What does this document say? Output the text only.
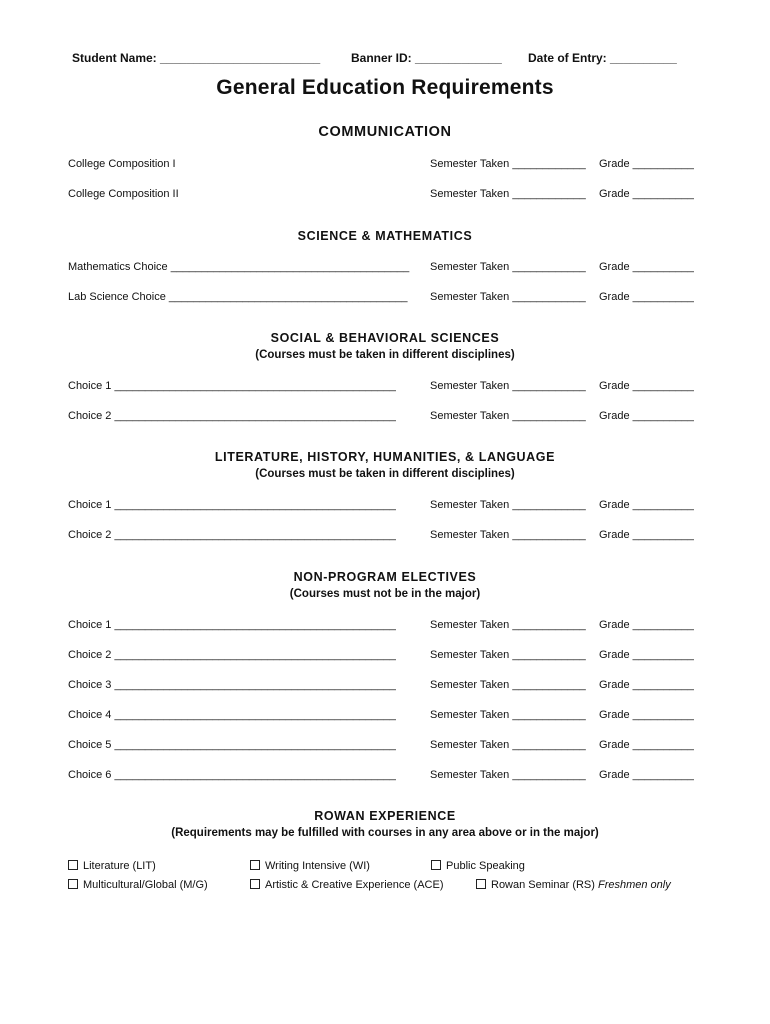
Student Name: ________________________	Banner ID: _____________ Date of Entry: __________
General Education Requirements
COMMUNICATION
College Composition I	Semester Taken ____________ Grade __________
College Composition II	Semester Taken ____________ Grade __________
SCIENCE & MATHEMATICS
Mathematics Choice _______________________________________ Semester Taken ____________ Grade __________
Lab Science Choice _______________________________________ Semester Taken ____________ Grade __________
SOCIAL & BEHAVIORAL SCIENCES
(Courses must be taken in different disciplines)
Choice 1 ______________________________________________	Semester Taken ____________ Grade __________
Choice 2 ______________________________________________	Semester Taken ____________ Grade __________
LITERATURE, HISTORY, HUMANITIES, & LANGUAGE
(Courses must be taken in different disciplines)
Choice 1 ______________________________________________	Semester Taken ____________ Grade __________
Choice 2 ______________________________________________	Semester Taken ____________ Grade __________
NON-PROGRAM ELECTIVES
(Courses must not be in the major)
Choice 1 ______________________________________________	Semester Taken ____________ Grade __________
Choice 2 ______________________________________________	Semester Taken ____________ Grade __________
Choice 3 ______________________________________________	Semester Taken ____________ Grade __________
Choice 4 ______________________________________________	Semester Taken ____________ Grade __________
Choice 5 ______________________________________________	Semester Taken ____________ Grade __________
Choice 6 ______________________________________________	Semester Taken ____________ Grade __________
ROWAN EXPERIENCE
(Requirements may be fulfilled with courses in any area above or in the major)
Literature (LIT)	Writing Intensive (WI)	Public Speaking
Multicultural/Global (M/G)	Artistic & Creative Experience (ACE)	Rowan Seminar (RS) Freshmen only
